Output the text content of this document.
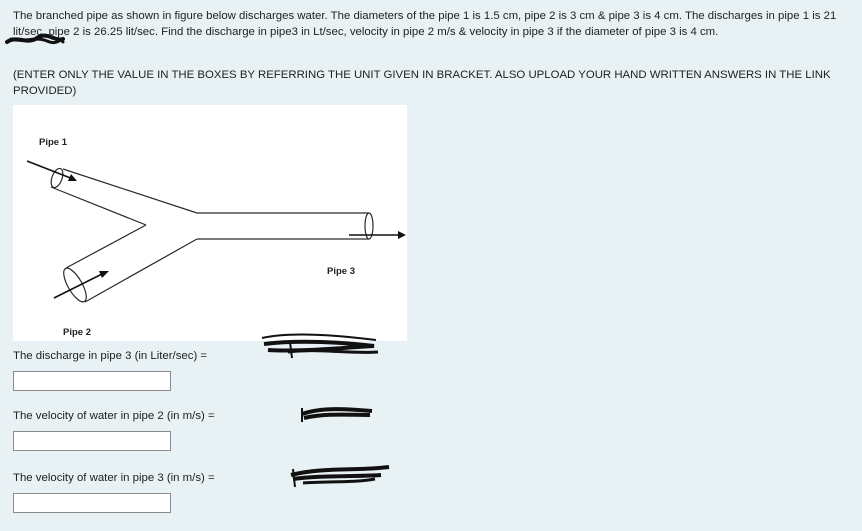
The branched pipe as shown in figure below discharges water. The diameters of the pipe 1 is 1.5 cm, pipe 2 is 3 cm & pipe 3 is 4 cm. The discharges in pipe 1 is 21 lit/sec, pipe 2 is 26.25 lit/sec. Find the discharge in pipe3 in Lt/sec, velocity in pipe 2 m/s & velocity in pipe 3 if the diameter of pipe 3 is 4 cm.
(ENTER ONLY THE VALUE IN THE BOXES BY REFERRING THE UNIT GIVEN IN BRACKET. ALSO UPLOAD YOUR HAND WRITTEN ANSWERS IN THE LINK PROVIDED)
Pipe 1
Pipe 2
Pipe 3
The discharge in pipe 3 (in Liter/sec) =
The velocity of water in pipe 2 (in m/s) =
The velocity of water in pipe 3 (in m/s) =
